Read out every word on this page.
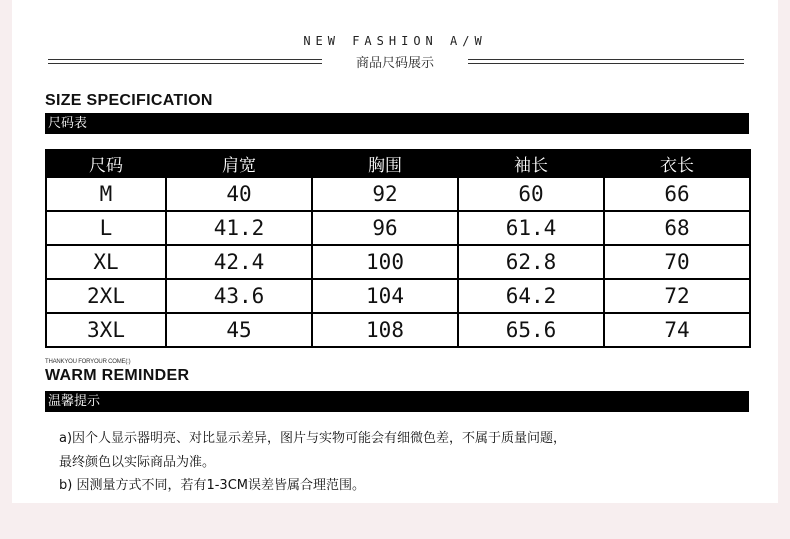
NEW FASHION A/W
商品尺码展示
SIZE SPECIFICATION
尺码表
尺码	肩宽	胸围	袖长	衣长
M	40	92	60	66
L	41.2	96	61.4	68
XL	42.4	100	62.8	70
2XL	43.6	104	64.2	72
3XL	45	108	65.6	74
THANKYOU FORYOUR COME(:)
WARM REMINDER
温馨提示
a)因个人显示器明亮、对比显示差异，图片与实物可能会有细微色差，不属于质量问题，
最终颜色以实际商品为准。
b) 因测量方式不同，若有1-3CM误差皆属合理范围。
